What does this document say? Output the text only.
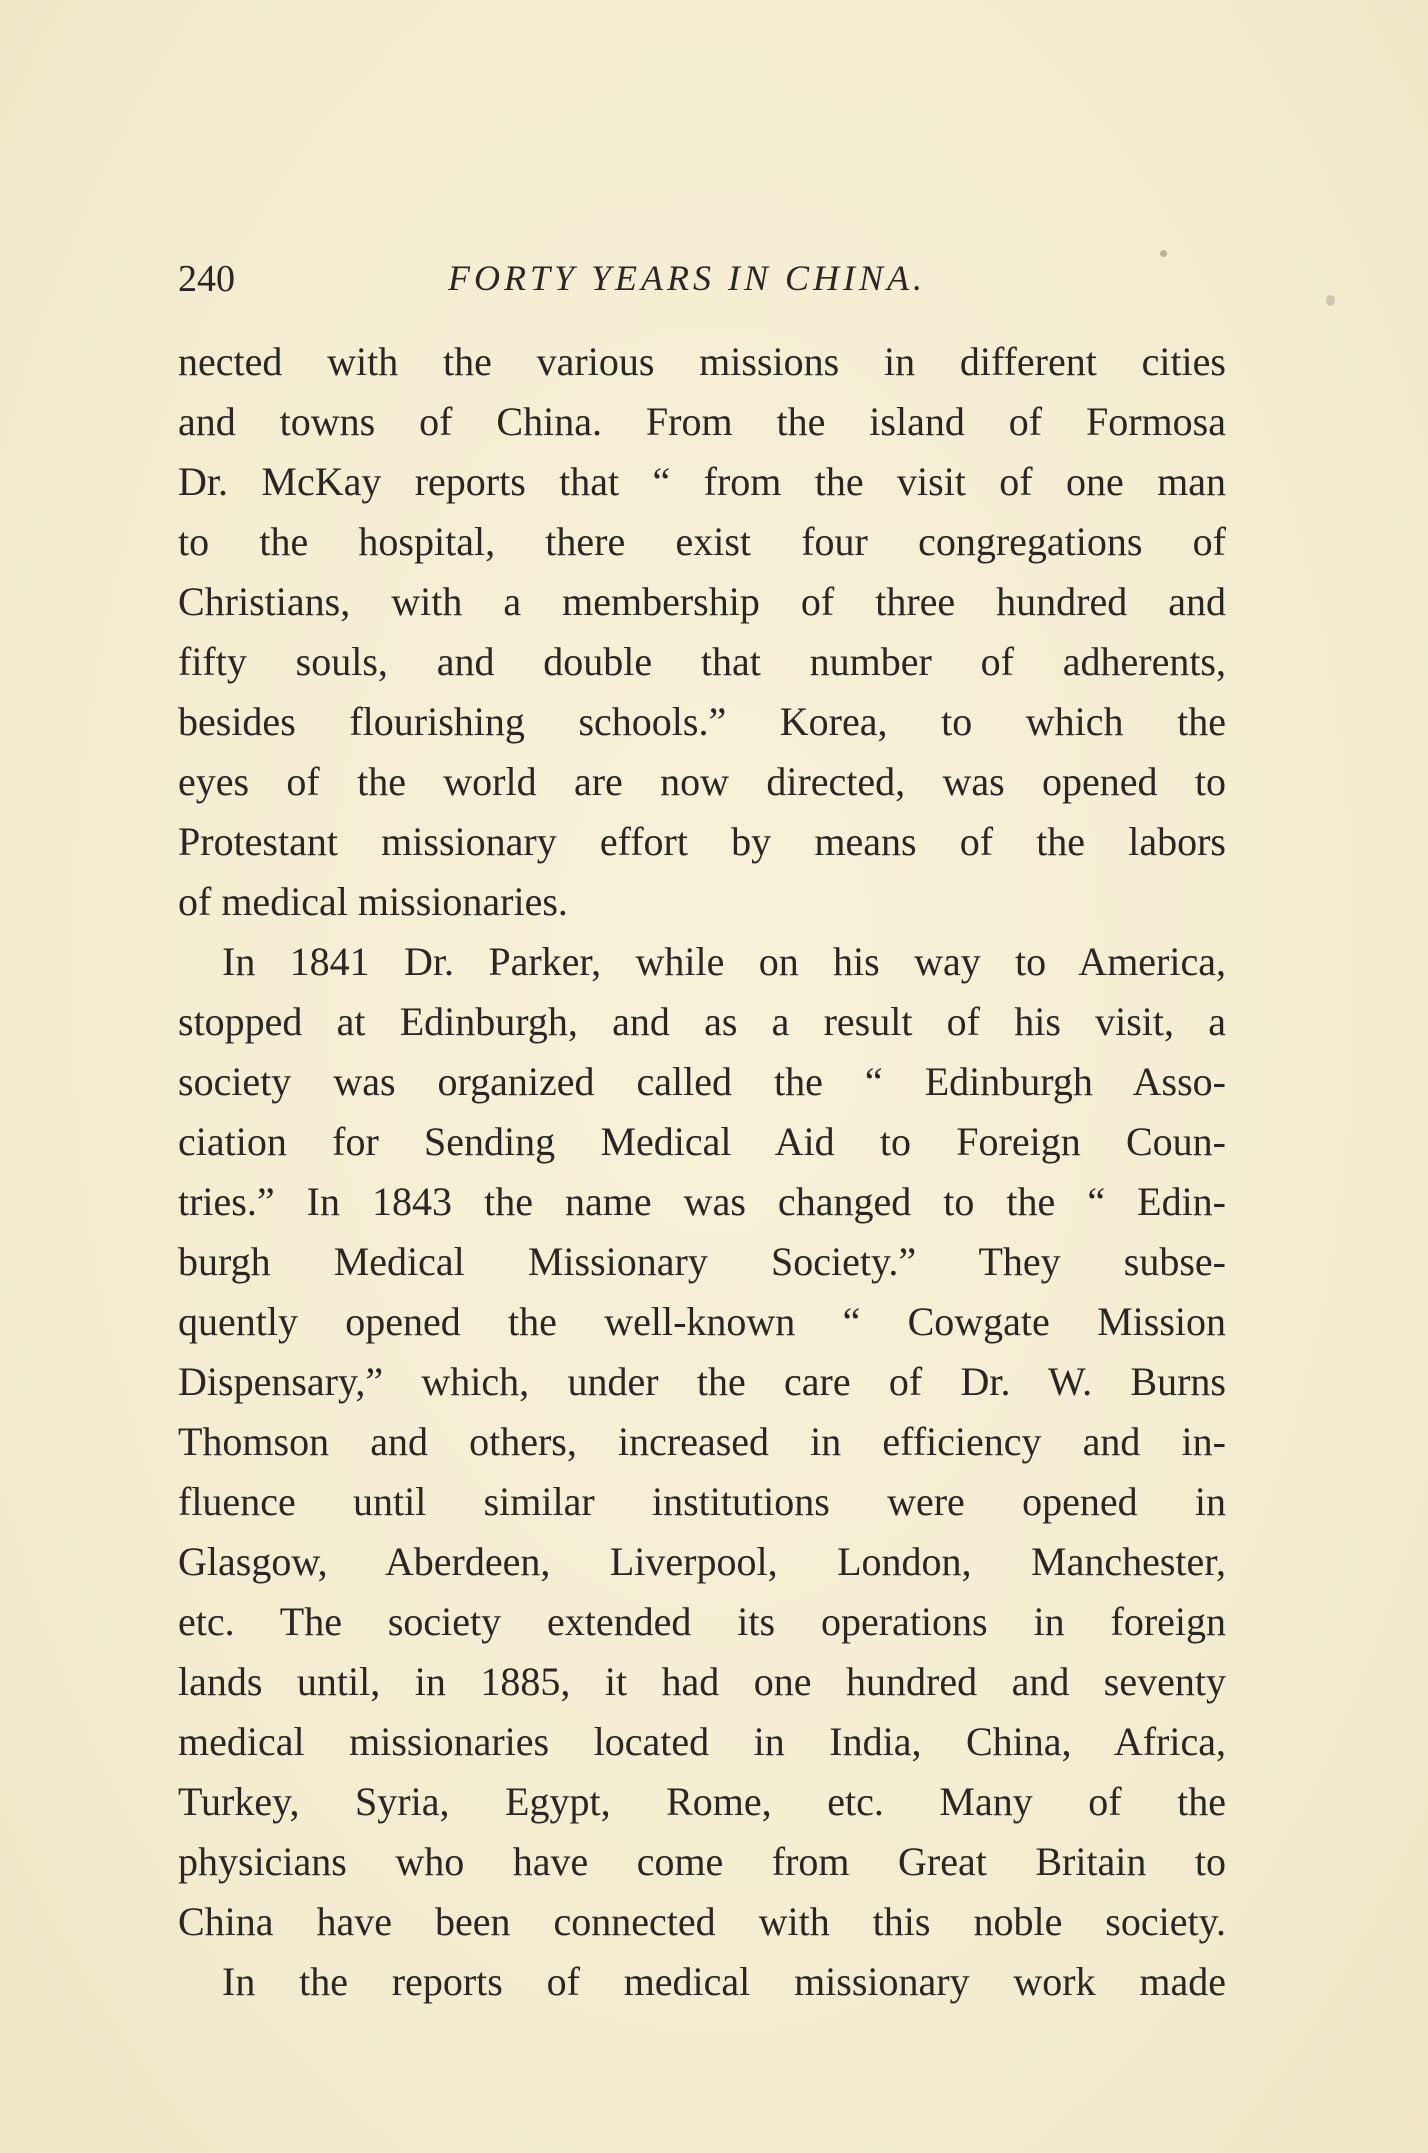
240	FORTY YEARS IN CHINA.
nected with the various missions in different cities
and towns of China. From the island of Formosa
Dr. McKay reports that “ from the visit of one man
to the hospital, there exist four congregations of
Christians, with a membership of three hundred and
fifty souls, and double that number of adherents,
besides flourishing schools.” Korea, to which the
eyes of the world are now directed, was opened to
Protestant missionary effort by means of the labors
of medical missionaries.
In 1841 Dr. Parker, while on his way to America,
stopped at Edinburgh, and as a result of his visit, a
society was organized called the “ Edinburgh Asso-
ciation for Sending Medical Aid to Foreign Coun-
tries.” In 1843 the name was changed to the “ Edin-
burgh Medical Missionary Society.” They subse-
quently opened the well-known “ Cowgate Mission
Dispensary,” which, under the care of Dr. W. Burns
Thomson and others, increased in efficiency and in-
fluence until similar institutions were opened in
Glasgow, Aberdeen, Liverpool, London, Manchester,
etc. The society extended its operations in foreign
lands until, in 1885, it had one hundred and seventy
medical missionaries located in India, China, Africa,
Turkey, Syria, Egypt, Rome, etc. Many of the
physicians who have come from Great Britain to
China have been connected with this noble society.
In the reports of medical missionary work made
